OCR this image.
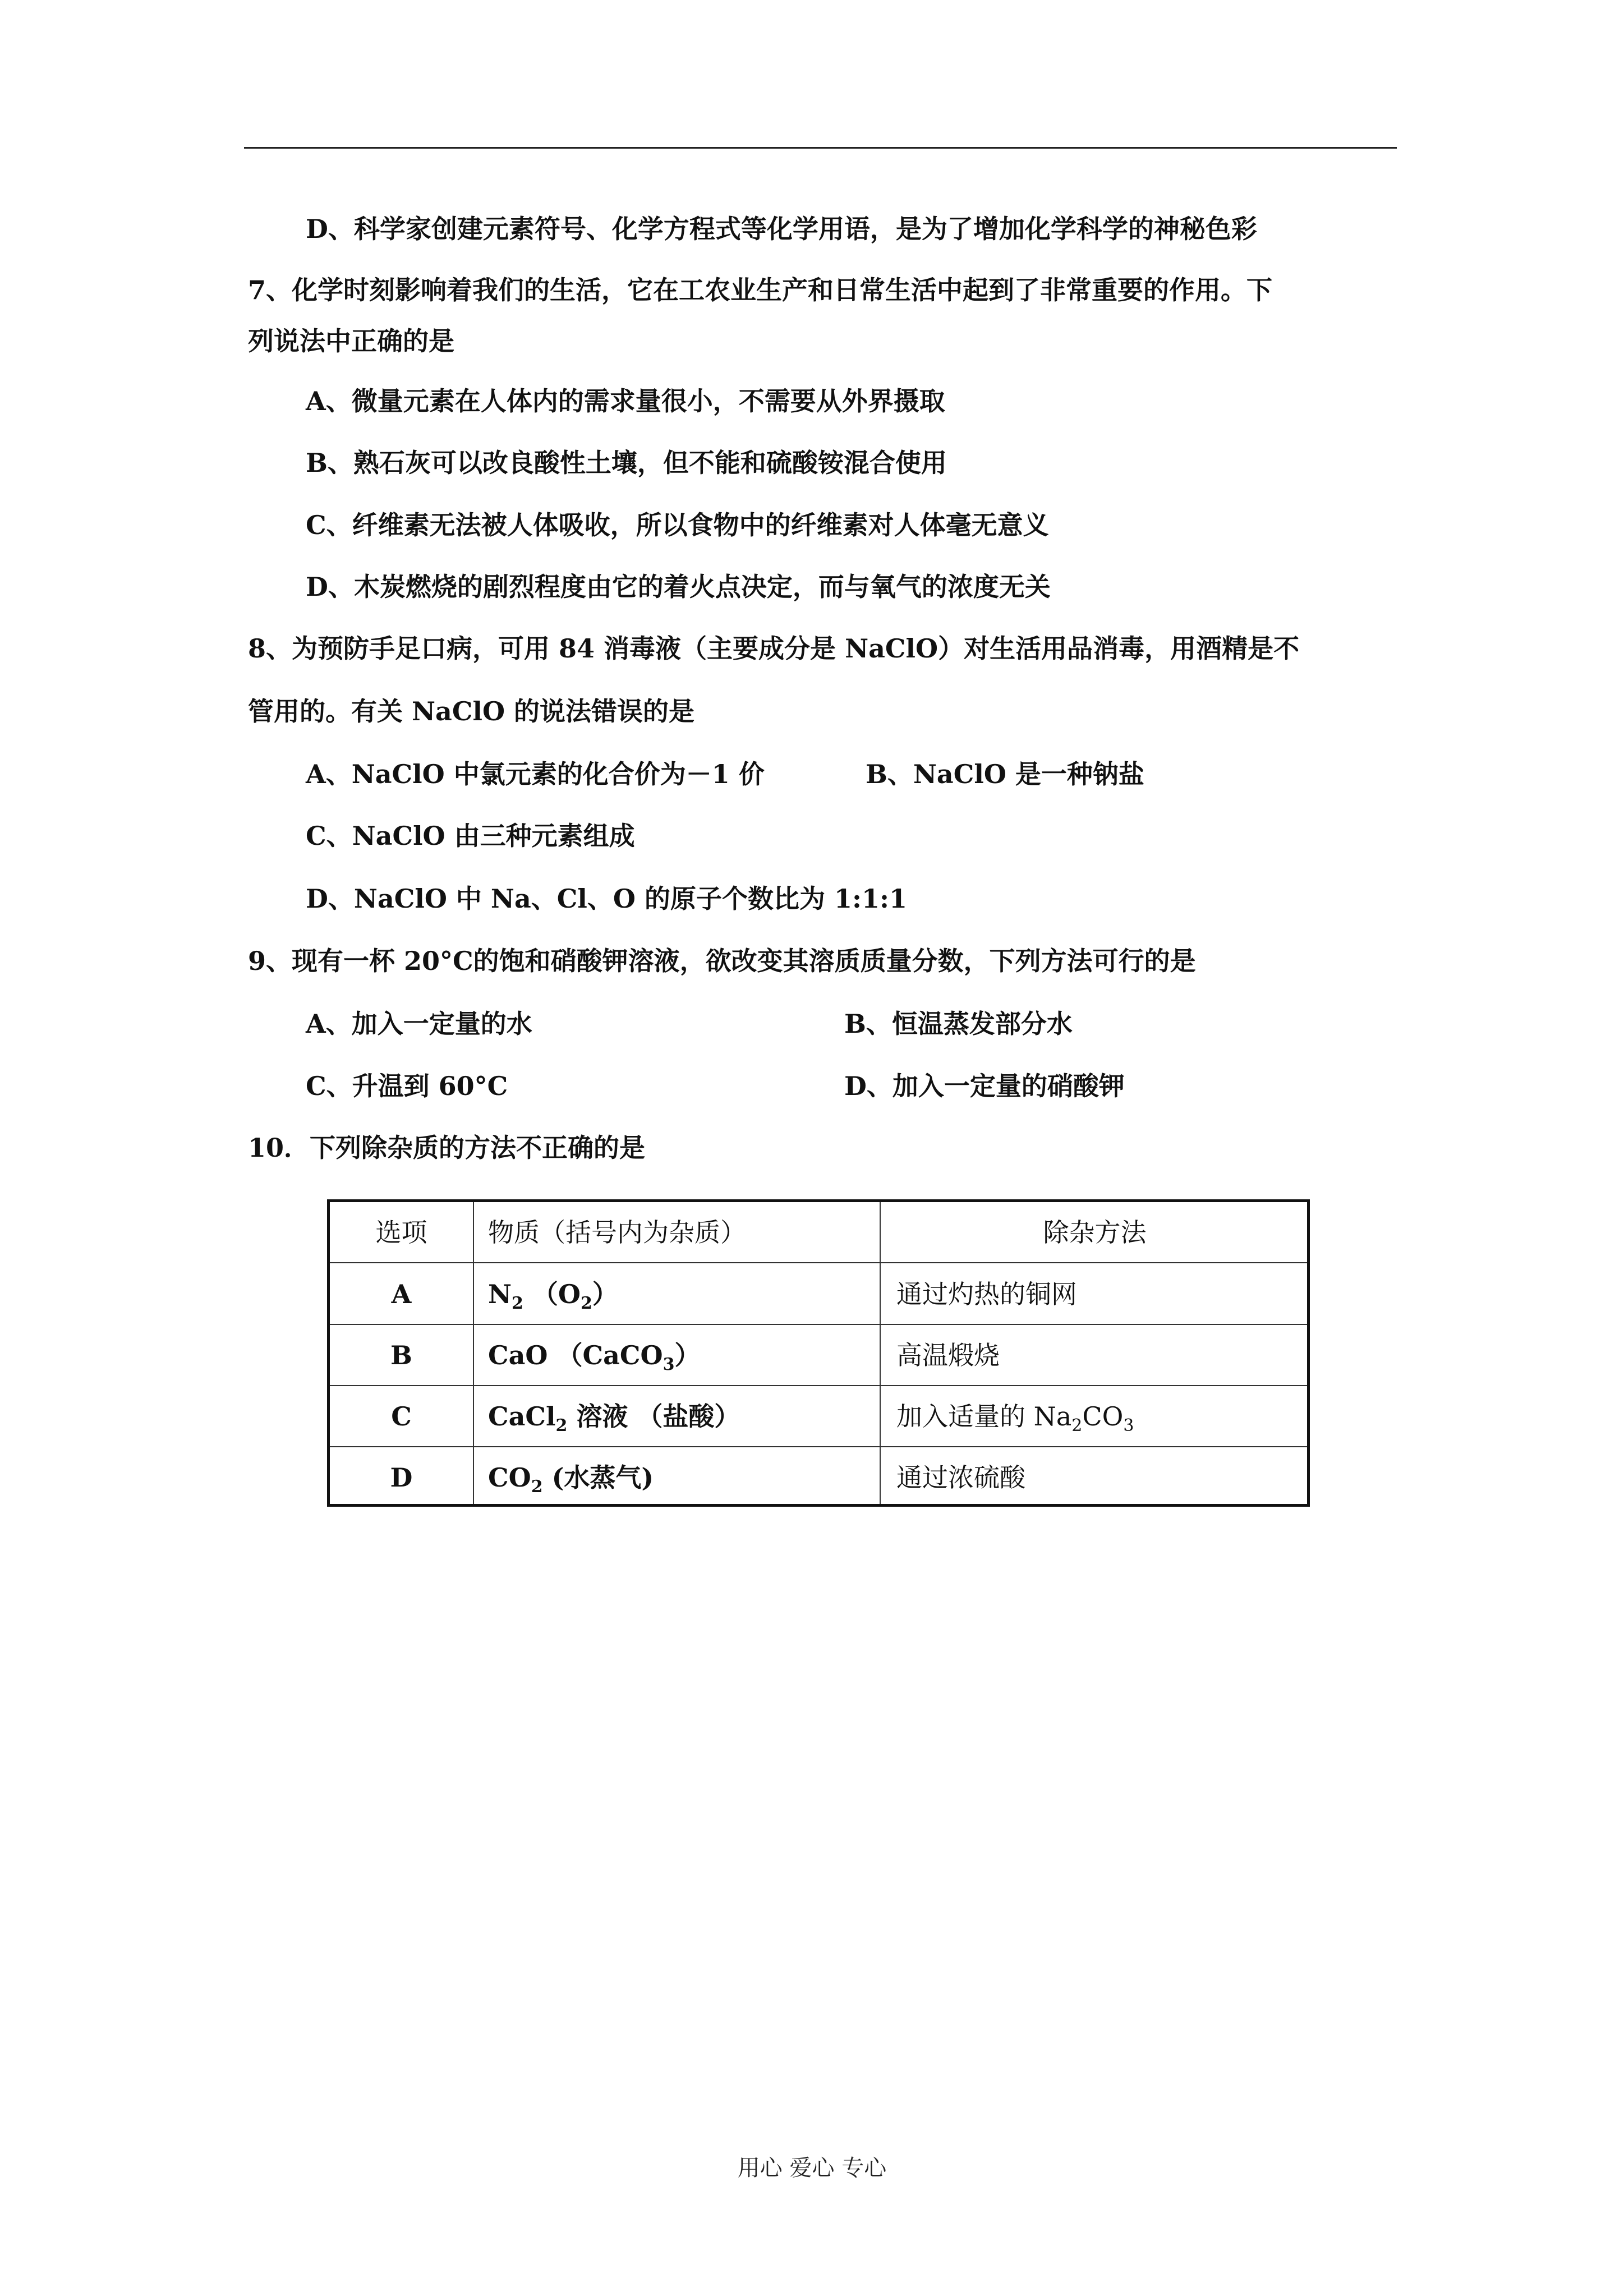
D、科学家创建元素符号、化学方程式等化学用语，是为了增加化学科学的神秘色彩
7、化学时刻影响着我们的生活，它在工农业生产和日常生活中起到了非常重要的作用。下
列说法中正确的是
A、微量元素在人体内的需求量很小，不需要从外界摄取
B、熟石灰可以改良酸性土壤，但不能和硫酸铵混合使用
C、纤维素无法被人体吸收，所以食物中的纤维素对人体毫无意义
D、木炭燃烧的剧烈程度由它的着火点决定，而与氧气的浓度无关
8、为预防手足口病，可用 84 消毒液（主要成分是 NaClO）对生活用品消毒，用酒精是不
管用的。有关 NaClO 的说法错误的是
A、NaClO 中氯元素的化合价为－1 价	B、NaClO 是一种钠盐
C、NaClO 由三种元素组成
D、NaClO 中 Na、Cl、O 的原子个数比为 1:1:1
9、现有一杯 20°C的饱和硝酸钾溶液，欲改变其溶质质量分数，下列方法可行的是
A、加入一定量的水	B、恒温蒸发部分水
C、升温到 60°C	D、加入一定量的硝酸钾
10．下列除杂质的方法不正确的是
选项	物质（括号内为杂质）	除杂方法
A	$N_2$ $(O_2)$	通过灼热的铜网
B	CaO （CaCO$_3$）	高温煅烧
C	CaCl$_2$ 溶液 （盐酸）	加入适量的 $Na_2CO_3$
D	$CO_2$ (水蒸气)	通过浓硫酸
用心 爱心 专心
